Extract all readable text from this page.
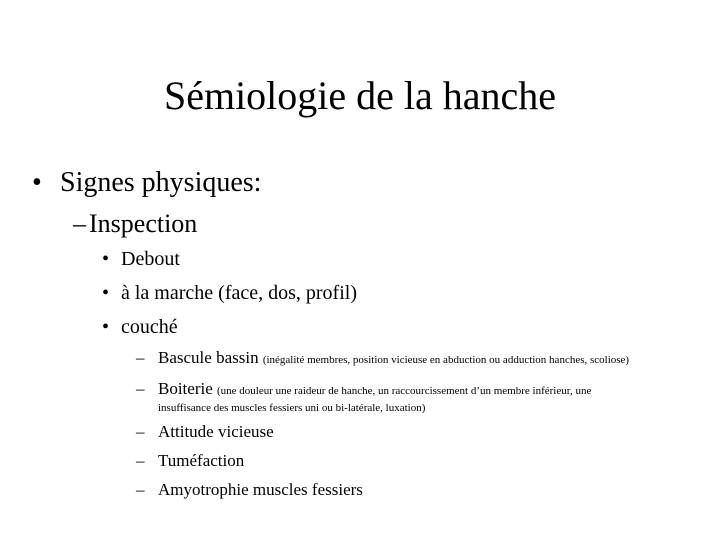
Sémiologie de la hanche
• Signes physiques:
– Inspection
• Debout
• à la marche (face, dos, profil)
• couché
– Bascule bassin (inégalité membres, position vicieuse en abduction ou adduction hanches, scoliose)
– Boiterie (une douleur une raideur de hanche, un raccourcissement d’un membre inférieur, une
insuffisance des muscles fessiers uni ou bi-latérale, luxation)
– Attitude vicieuse
– Tuméfaction
– Amyotrophie muscles fessiers
